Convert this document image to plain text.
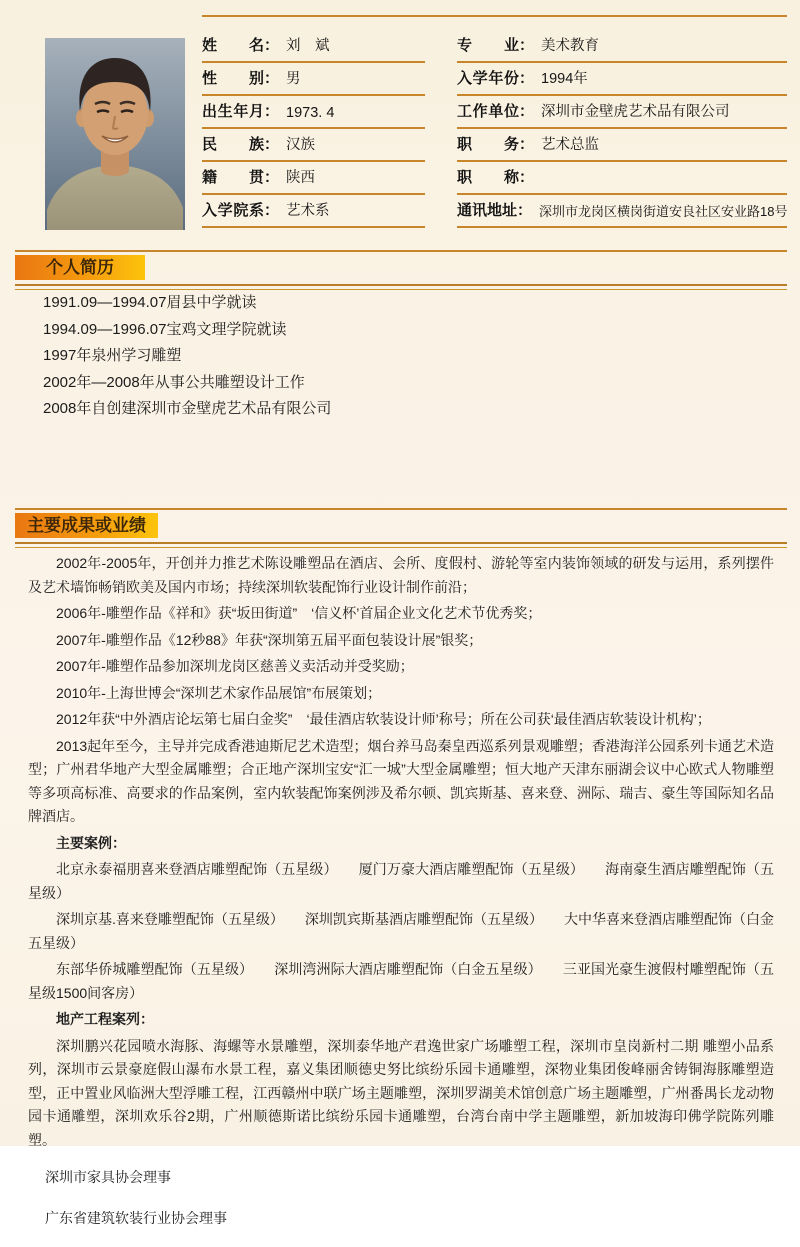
姓名 ： 刘　斌
性别 ： 男
出生年月 ： 1973. 4
民族 ： 汉族
籍贯 ： 陕西
入学院系 ： 艺术系
专业 ： 美术教育
入学年份 ： 1994年
工作单位 ： 深圳市金壁虎艺术品有限公司
职务 ： 艺术总监
职称 ：
通讯地址 ： 深圳市龙岗区横岗街道安良社区安业路18号
个人简历
1991.09—1994.07眉县中学就读
1994.09—1996.07宝鸡文理学院就读
1997年泉州学习雕塑
2002年—2008年从事公共雕塑设计工作
2008年自创建深圳市金壁虎艺术品有限公司
主要成果或业绩

2002年-2005年，开创并力推艺术陈设雕塑品在酒店、会所、度假村、游轮等室内装饰领域的研发与运用，系列摆件及艺术墙饰畅销欧美及国内市场；持续深圳软装配饰行业设计制作前沿；

2006年-雕塑作品《祥和》获“坂田街道”　‘信义杯’首届企业文化艺术节优秀奖；

2007年-雕塑作品《12秒88》年获“深圳第五届平面包装设计展”银奖；

2007年-雕塑作品参加深圳龙岗区慈善义卖活动并受奖励；

2010年-上海世博会“深圳艺术家作品展馆”布展策划；

2012年获“中外酒店论坛第七届白金奖”　‘最佳酒店软装设计师’称号；所在公司获‘最佳酒店软装设计机构’；

2013起年至今，主导并完成香港迪斯尼艺术造型；烟台养马岛秦皇西巡系列景观雕塑；香港海洋公园系列卡通艺术造型；广州君华地产大型金属雕塑；合正地产深圳宝安“汇一城”大型金属雕塑；恒大地产天津东丽湖会议中心欧式人物雕塑等多项高标准、高要求的作品案例，室内软装配饰案例涉及希尔顿、凯宾斯基、喜来登、洲际、瑞吉、豪生等国际知名品牌酒店。

主要案例：

北京永泰福朋喜来登酒店雕塑配饰（五星级）　　厦门万豪大酒店雕塑配饰（五星级）　　海南豪生酒店雕塑配饰（五星级）

深圳京基.喜来登雕塑配饰（五星级）　　深圳凯宾斯基酒店雕塑配饰（五星级）　　大中华喜来登酒店雕塑配饰（白金五星级）

东部华侨城雕塑配饰（五星级）　　深圳湾洲际大酒店雕塑配饰（白金五星级）　　三亚国光豪生渡假村雕塑配饰（五星级1500间客房）

地产工程案列：

深圳鹏兴花园喷水海豚、海螺等水景雕塑，深圳泰华地产君逸世家广场雕塑工程，深圳市皇岗新村二期 雕塑小品系列，深圳市云景豪庭假山瀑布水景工程，嘉义集团顺德史努比缤纷乐园卡通雕塑，深物业集团俊峰丽舍铸铜海豚雕塑造型，正中置业风临洲大型浮雕工程，江西赣州中联广场主题雕塑，深圳罗湖美术馆创意广场主题雕塑，广州番禺长龙动物园卡通雕塑，深圳欢乐谷2期，广州顺德斯诺比缤纷乐园卡通雕塑，台湾台南中学主题雕塑，新加坡海印佛学院陈列雕塑。

深圳市家具协会理事

广东省建筑软装行业协会理事
